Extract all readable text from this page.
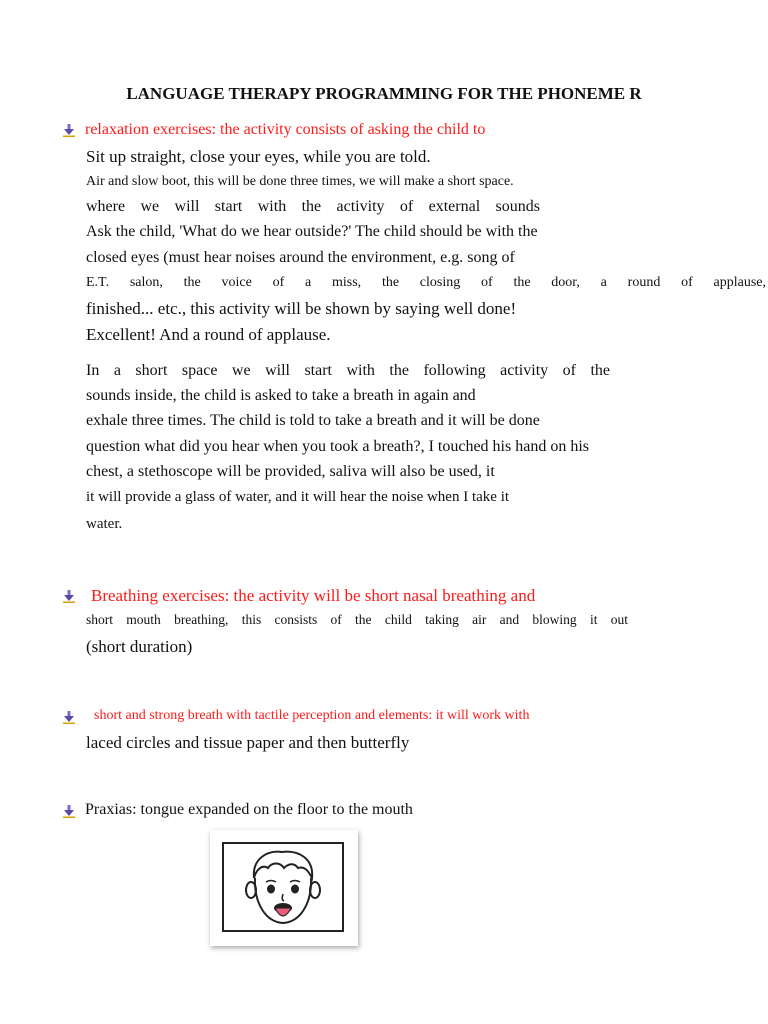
LANGUAGE THERAPY PROGRAMMING FOR THE PHONEME R
relaxation exercises: the activity consists of asking the child to
Sit up straight, close your eyes, while you are told.
Air and slow boot, this will be done three times, we will make a short space.
where we will start with the activity of external sounds
Ask the child, 'What do we hear outside?' The child should be with the
closed eyes (must hear noises around the environment, e.g. song of
E.T. salon, the voice of a miss, the closing of the door, a round of applause,
finished... etc., this activity will be shown by saying well done!
Excellent! And a round of applause.
In a short space we will start with the following activity of the
sounds inside, the child is asked to take a breath in again and
exhale three times. The child is told to take a breath and it will be done
question what did you hear when you took a breath?, I touched his hand on his
chest, a stethoscope will be provided, saliva will also be used, it
it will provide a glass of water, and it will hear the noise when I take it
water.
Breathing exercises: the activity will be short nasal breathing and
short mouth breathing, this consists of the child taking air and blowing it out
(short duration)
short and strong breath with tactile perception and elements: it will work with
laced circles and tissue paper and then butterfly
Praxias: tongue expanded on the floor to the mouth
